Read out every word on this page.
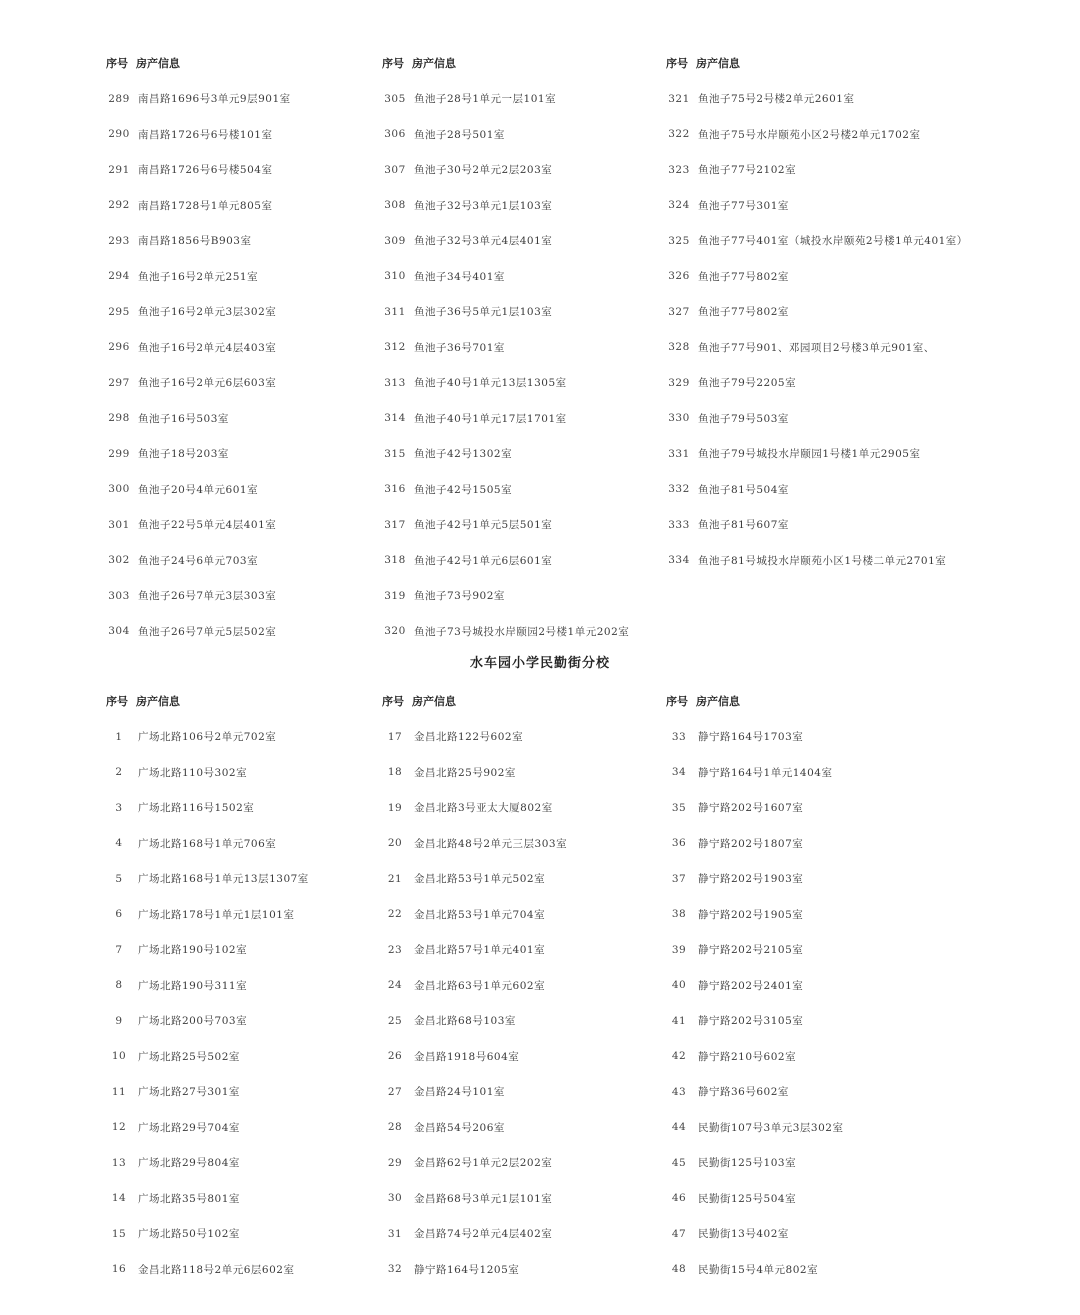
序号 房产信息
289 南昌路1696号3单元9层901室
290 南昌路1726号6号楼101室
291 南昌路1726号6号楼504室
292 南昌路1728号1单元805室
293 南昌路1856号B903室
294 鱼池子16号2单元251室
295 鱼池子16号2单元3层302室
296 鱼池子16号2单元4层403室
297 鱼池子16号2单元6层603室
298 鱼池子16号503室
299 鱼池子18号203室
300 鱼池子20号4单元601室
301 鱼池子22号5单元4层401室
302 鱼池子24号6单元703室
303 鱼池子26号7单元3层303室
304 鱼池子26号7单元5层502室
序号 房产信息
305 鱼池子28号1单元一层101室
306 鱼池子28号501室
307 鱼池子30号2单元2层203室
308 鱼池子32号3单元1层103室
309 鱼池子32号3单元4层401室
310 鱼池子34号401室
311 鱼池子36号5单元1层103室
312 鱼池子36号701室
313 鱼池子40号1单元13层1305室
314 鱼池子40号1单元17层1701室
315 鱼池子42号1302室
316 鱼池子42号1505室
317 鱼池子42号1单元5层501室
318 鱼池子42号1单元6层601室
319 鱼池子73号902室
320 鱼池子73号城投水岸颐园2号楼1单元202室
序号 房产信息
321 鱼池子75号2号楼2单元2601室
322 鱼池子75号水岸颐苑小区2号楼2单元1702室
323 鱼池子77号2102室
324 鱼池子77号301室
325 鱼池子77号401室（城投水岸颐苑2号楼1单元401室）
326 鱼池子77号802室
327 鱼池子77号802室
328 鱼池子77号901、邓园项目2号楼3单元901室、
329 鱼池子79号2205室
330 鱼池子79号503室
331 鱼池子79号城投水岸颐园1号楼1单元2905室
332 鱼池子81号504室
333 鱼池子81号607室
334 鱼池子81号城投水岸颐苑小区1号楼二单元2701室
水车园小学民勤街分校
序号 房产信息
1	广场北路106号2单元702室
2	广场北路110号302室
3	广场北路116号1502室
4	广场北路168号1单元706室
5	广场北路168号1单元13层1307室
6	广场北路178号1单元1层101室
7	广场北路190号102室
8	广场北路190号311室
9	广场北路200号703室
10	广场北路25号502室
11	广场北路27号301室
12	广场北路29号704室
13	广场北路29号804室
14	广场北路35号801室
15	广场北路50号102室
16	金昌北路118号2单元6层602室
序号 房产信息
17	金昌北路122号602室
18	金昌北路25号902室
19	金昌北路3号亚太大厦802室
20	金昌北路48号2单元三层303室
21	金昌北路53号1单元502室
22	金昌北路53号1单元704室
23	金昌北路57号1单元401室
24	金昌北路63号1单元602室
25	金昌北路68号103室
26	金昌路1918号604室
27	金昌路24号101室
28	金昌路54号206室
29	金昌路62号1单元2层202室
30	金昌路68号3单元1层101室
31	金昌路74号2单元4层402室
32	静宁路164号1205室
序号 房产信息
33	静宁路164号1703室
34	静宁路164号1单元1404室
35	静宁路202号1607室
36	静宁路202号1807室
37	静宁路202号1903室
38	静宁路202号1905室
39	静宁路202号2105室
40	静宁路202号2401室
41	静宁路202号3105室
42	静宁路210号602室
43	静宁路36号602室
44	民勤街107号3单元3层302室
45	民勤街125号103室
46	民勤街125号504室
47	民勤街13号402室
48	民勤街15号4单元802室
